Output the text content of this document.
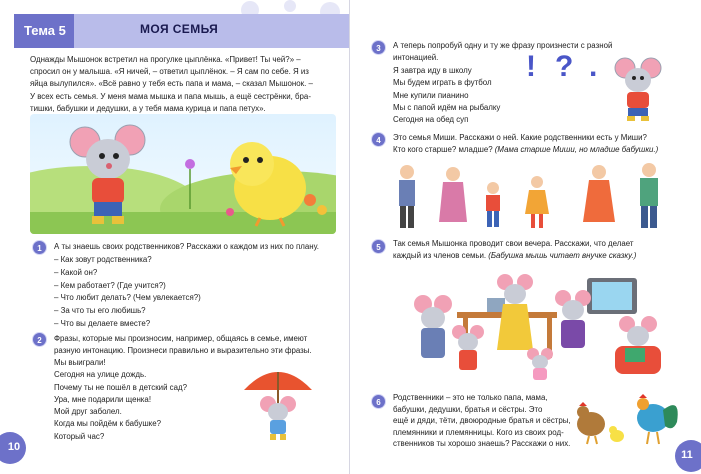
Тема 5	МОЯ СЕМЬЯ
Однажды Мышонок встретил на прогулке цыплёнка. «Привет! Ты чей?» –
спросил он у малыша. «Я ничей, – ответил цыплёнок. – Я сам по себе. Я из
яйца вылупился». «Всё равно у тебя есть папа и мама, – сказал Мышонок. –
У всех есть семья. У меня мама мышка и папа мышь, а ещё сестрёнки, бра-
тишки, бабушки и дедушки, а у тебя мама курица и папа петух».
1	А ты знаешь своих родственников? Расскажи о каждом из них по плану.
– Как зовут родственника?
– Какой он?
– Кем работает? (Где учится?)
– Что любит делать? (Чем увлекается?)
– За что ты его любишь?
– Что вы делаете вместе?
2	Фразы, которые мы произносим, например, общаясь в семье, имеют
разную интонацию. Произнеси правильно и выразительно эти фразы.
Мы выиграли!
Сегодня на улице дождь.
Почему ты не пошёл в детский сад?
Ура, мне подарили щенка!
Мой друг заболел.
Когда мы пойдём к бабушке?
Который час?
10
3	А теперь попробуй одну и ту же фразу произнести с разной
интонацией.
Я завтра иду в школу
Мы будем играть в футбол
Мне купили пианино
Мы с папой идём на рыбалку
Сегодня на обед суп
! ? .
4	Это семья Миши. Расскажи о ней. Какие родственники есть у Миши?
Кто кого старше? младше? (Мама старше Миши, но младше бабушки.)
5	Так семья Мышонка проводит свои вечера. Расскажи, что делает
каждый из членов семьи. (Бабушка мышь читает внучке сказку.)
6
Родственники – это не только папа, мама,
бабушки, дедушки, братья и сёстры. Это
ещё и дяди, тёти, двоюродные братья и сёстры,
племянники и племянницы. Кого из своих род-
ственников ты хорошо знаешь? Расскажи о них.
11
